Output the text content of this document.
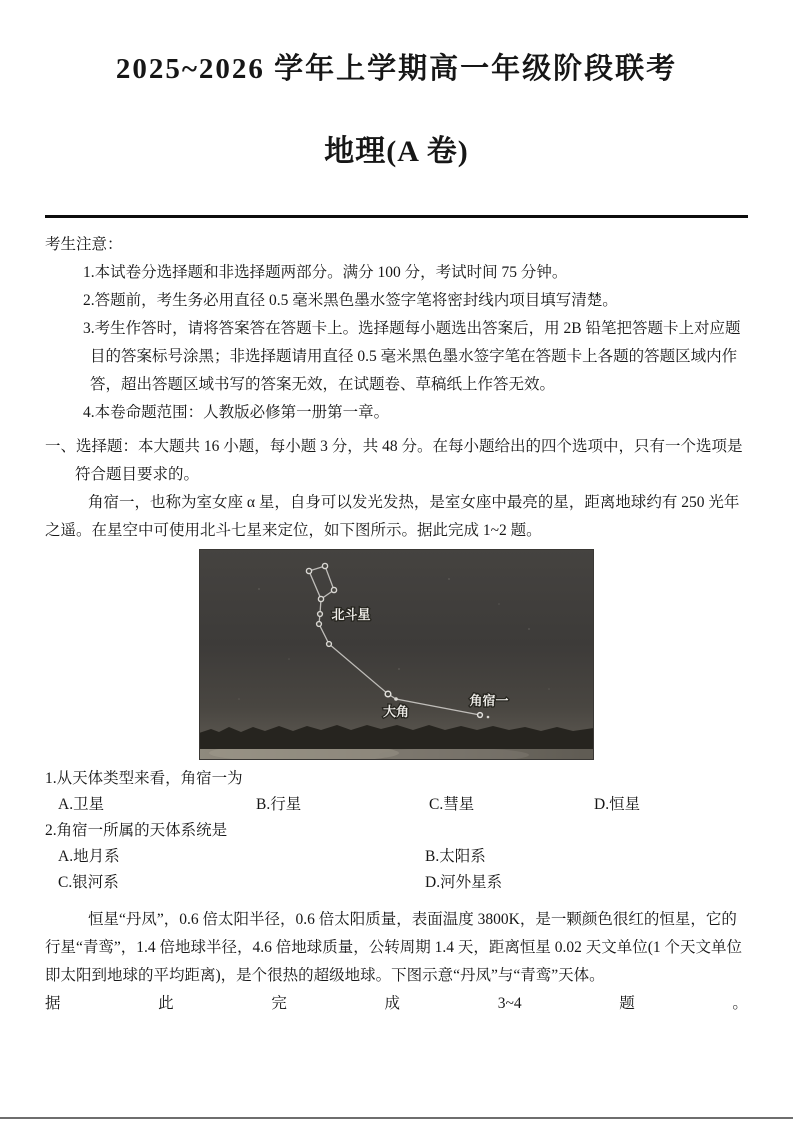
2025~2026 学年上学期高一年级阶段联考
地理(A 卷)
考生注意：
1.本试卷分选择题和非选择题两部分。满分 100 分，考试时间 75 分钟。
2.答题前，考生务必用直径 0.5 毫米黑色墨水签字笔将密封线内项目填写清楚。
3.考生作答时，请将答案答在答题卡上。选择题每小题选出答案后，用 2B 铅笔把答题卡上对应题目的答案标号涂黑；非选择题请用直径 0.5 毫米黑色墨水签字笔在答题卡上各题的答题区域内作答，超出答题区域书写的答案无效，在试题卷、草稿纸上作答无效。
4.本卷命题范围：人教版必修第一册第一章。
一、选择题：本大题共 16 小题，每小题 3 分，共 48 分。在每小题给出的四个选项中，只有一个选项是符合题目要求的。

角宿一，也称为室女座 α 星，自身可以发光发热，是室女座中最亮的星，距离地球约有 250 光年之遥。在星空中可使用北斗七星来定位，如下图所示。据此完成 1~2 题。

北斗星
大角
角宿一
1.从天体类型来看，角宿一为
A.卫星	B.行星	C.彗星	D.恒星
2.角宿一所属的天体系统是
A.地月系	B.太阳系
C.银河系	D.河外星系

恒星“丹凤”，0.6 倍太阳半径，0.6 倍太阳质量，表面温度 3800K，是一颗颜色很红的恒星，它的行星“青鸾”，1.4 倍地球半径，4.6 倍地球质量，公转周期 1.4 天，距离恒星 0.02 天文单位(1 个天文单位即太阳到地球的平均距离)，是个很热的超级地球。下图示意“丹凤”与“青鸾”天体。

据	此	完	成	3~4	题	。
